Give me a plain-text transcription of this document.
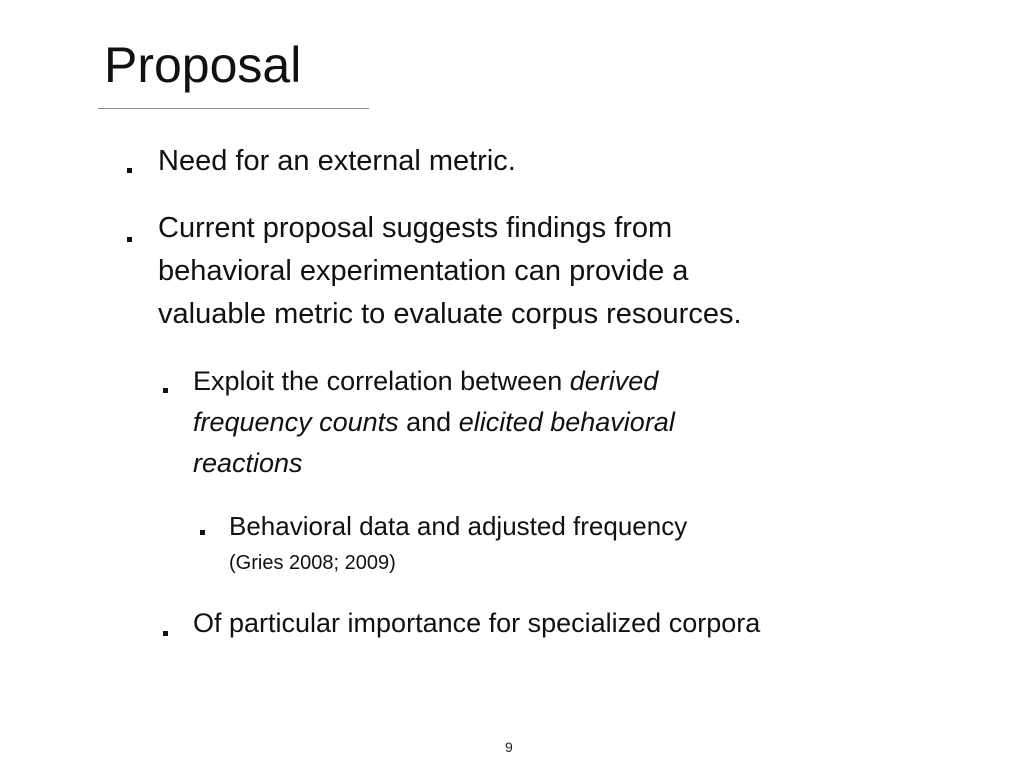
Proposal
Need for an external metric.
Current proposal suggests findings from
behavioral experimentation can provide a
valuable metric to evaluate corpus resources.
Exploit the correlation between derived
frequency counts and elicited behavioral
reactions
Behavioral data and adjusted frequency
(Gries 2008; 2009)
Of particular importance for specialized corpora
9
